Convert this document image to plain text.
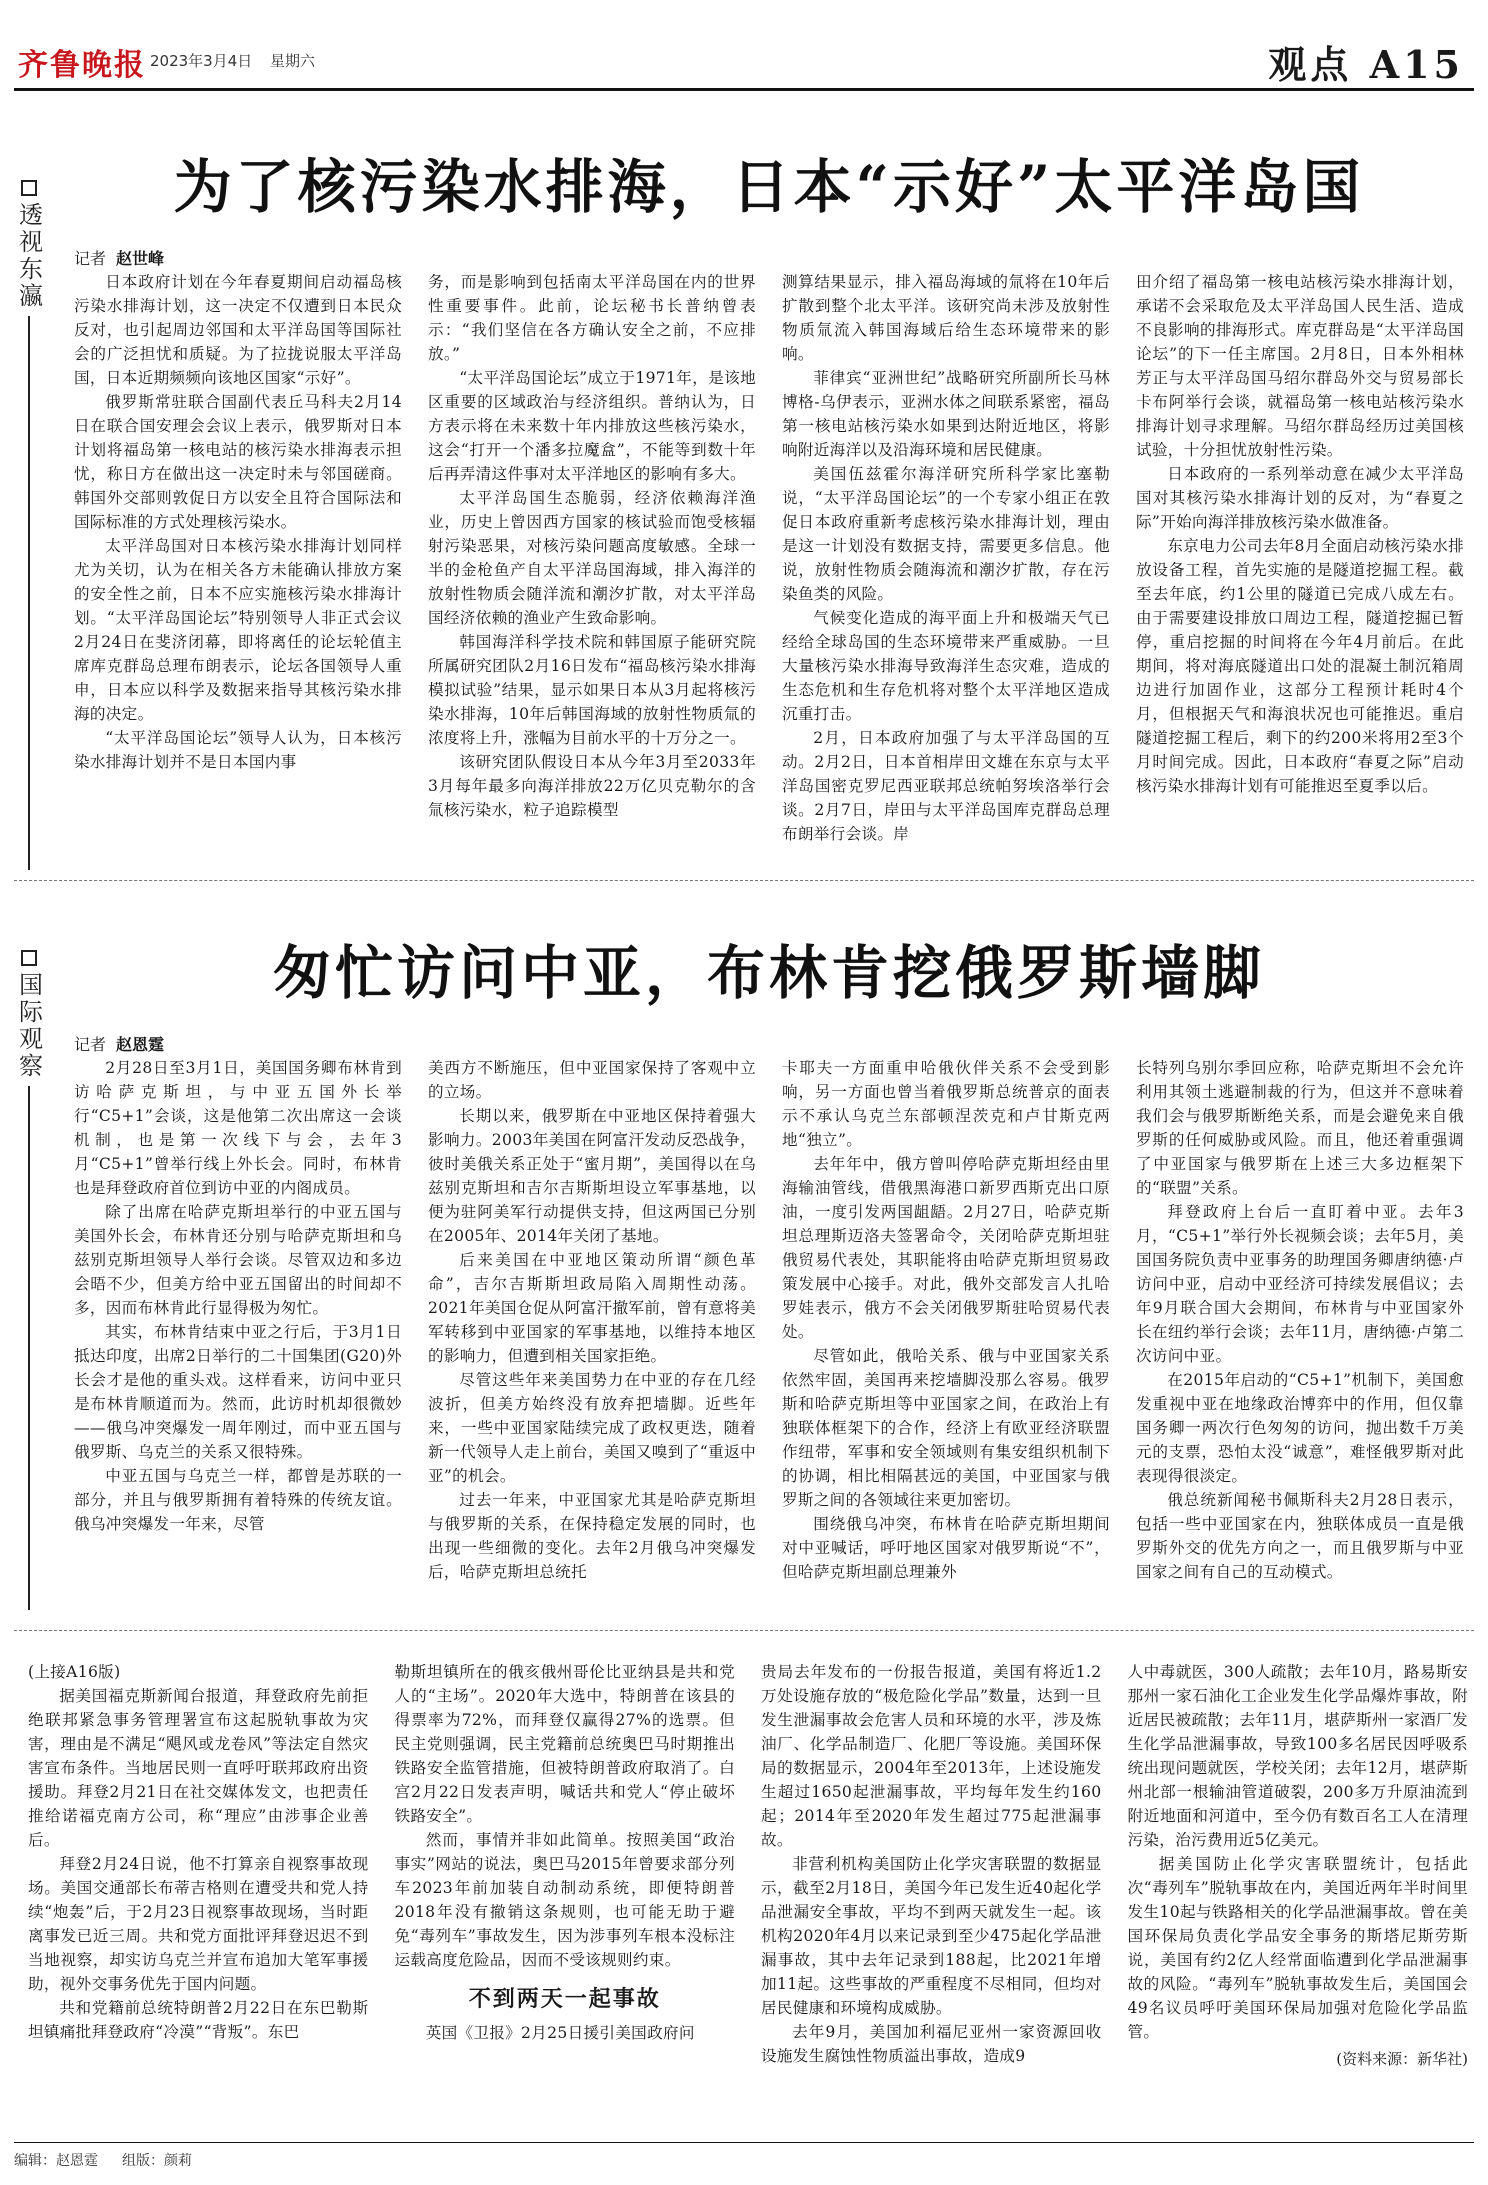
齐鲁晚报 2023年3月4日 星期六	观点 A15
透视东瀛
为了核污染水排海，日本“示好”太平洋岛国
记者 赵世峰

日本政府计划在今年春夏期间启动福岛核污染水排海计划，这一决定不仅遭到日本民众反对，也引起周边邻国和太平洋岛国等国际社会的广泛担忧和质疑。为了拉拢说服太平洋岛国，日本近期频频向该地区国家“示好”。

俄罗斯常驻联合国副代表丘马科夫2月14日在联合国安理会会议上表示，俄罗斯对日本计划将福岛第一核电站的核污染水排海表示担忧，称日方在做出这一决定时未与邻国磋商。韩国外交部则敦促日方以安全且符合国际法和国际标准的方式处理核污染水。

太平洋岛国对日本核污染水排海计划同样尤为关切，认为在相关各方未能确认排放方案的安全性之前，日本不应实施核污染水排海计划。“太平洋岛国论坛”特别领导人非正式会议2月24日在斐济闭幕，即将离任的论坛轮值主席库克群岛总理布朗表示，论坛各国领导人重申，日本应以科学及数据来指导其核污染水排海的决定。

“太平洋岛国论坛”领导人认为，日本核污染水排海计划并不是日本国内事

务，而是影响到包括南太平洋岛国在内的世界性重要事件。此前，论坛秘书长普纳曾表示：“我们坚信在各方确认安全之前，不应排放。”

“太平洋岛国论坛”成立于1971年，是该地区重要的区域政治与经济组织。普纳认为，日方表示将在未来数十年内排放这些核污染水，这会“打开一个潘多拉魔盒”，不能等到数十年后再弄清这件事对太平洋地区的影响有多大。

太平洋岛国生态脆弱，经济依赖海洋渔业，历史上曾因西方国家的核试验而饱受核辐射污染恶果，对核污染问题高度敏感。全球一半的金枪鱼产自太平洋岛国海域，排入海洋的放射性物质会随洋流和潮汐扩散，对太平洋岛国经济依赖的渔业产生致命影响。

韩国海洋科学技术院和韩国原子能研究院所属研究团队2月16日发布“福岛核污染水排海模拟试验”结果，显示如果日本从3月起将核污染水排海，10年后韩国海域的放射性物质氚的浓度将上升，涨幅为目前水平的十万分之一。

该研究团队假设日本从今年3月至2033年3月每年最多向海洋排放22万亿贝克勒尔的含氚核污染水，粒子追踪模型

测算结果显示，排入福岛海域的氚将在10年后扩散到整个北太平洋。该研究尚未涉及放射性物质氚流入韩国海域后给生态环境带来的影响。

菲律宾“亚洲世纪”战略研究所副所长马林博格-乌伊表示，亚洲水体之间联系紧密，福岛第一核电站核污染水如果到达附近地区，将影响附近海洋以及沿海环境和居民健康。

美国伍兹霍尔海洋研究所科学家比塞勒说，“太平洋岛国论坛”的一个专家小组正在敦促日本政府重新考虑核污染水排海计划，理由是这一计划没有数据支持，需要更多信息。他说，放射性物质会随海流和潮汐扩散，存在污染鱼类的风险。

气候变化造成的海平面上升和极端天气已经给全球岛国的生态环境带来严重威胁。一旦大量核污染水排海导致海洋生态灾难，造成的生态危机和生存危机将对整个太平洋地区造成沉重打击。

2月，日本政府加强了与太平洋岛国的互动。2月2日，日本首相岸田文雄在东京与太平洋岛国密克罗尼西亚联邦总统帕努埃洛举行会谈。2月7日，岸田与太平洋岛国库克群岛总理布朗举行会谈。岸

田介绍了福岛第一核电站核污染水排海计划，承诺不会采取危及太平洋岛国人民生活、造成不良影响的排海形式。库克群岛是“太平洋岛国论坛”的下一任主席国。2月8日，日本外相林芳正与太平洋岛国马绍尔群岛外交与贸易部长卡布阿举行会谈，就福岛第一核电站核污染水排海计划寻求理解。马绍尔群岛经历过美国核试验，十分担忧放射性污染。

日本政府的一系列举动意在减少太平洋岛国对其核污染水排海计划的反对，为“春夏之际”开始向海洋排放核污染水做准备。

东京电力公司去年8月全面启动核污染水排放设备工程，首先实施的是隧道挖掘工程。截至去年底，约1公里的隧道已完成八成左右。由于需要建设排放口周边工程，隧道挖掘已暂停，重启挖掘的时间将在今年4月前后。在此期间，将对海底隧道出口处的混凝土制沉箱周边进行加固作业，这部分工程预计耗时4个月，但根据天气和海浪状况也可能推迟。重启隧道挖掘工程后，剩下的约200米将用2至3个月时间完成。因此，日本政府“春夏之际”启动核污染水排海计划有可能推迟至夏季以后。

国际观察	匆忙访问中亚，布林肯挖俄罗斯墙脚
记者 赵恩霆

2月28日至3月1日，美国国务卿布林肯到访哈萨克斯坦，与中亚五国外长举行“C5+1”会谈，这是他第二次出席这一会谈机制，也是第一次线下与会，去年3月“C5+1”曾举行线上外长会。同时，布林肯也是拜登政府首位到访中亚的内阁成员。

除了出席在哈萨克斯坦举行的中亚五国与美国外长会，布林肯还分别与哈萨克斯坦和乌兹别克斯坦领导人举行会谈。尽管双边和多边会晤不少，但美方给中亚五国留出的时间却不多，因而布林肯此行显得极为匆忙。

其实，布林肯结束中亚之行后，于3月1日抵达印度，出席2日举行的二十国集团(G20)外长会才是他的重头戏。这样看来，访问中亚只是布林肯顺道而为。然而，此访时机却很微妙——俄乌冲突爆发一周年刚过，而中亚五国与俄罗斯、乌克兰的关系又很特殊。

中亚五国与乌克兰一样，都曾是苏联的一部分，并且与俄罗斯拥有着特殊的传统友谊。俄乌冲突爆发一年来，尽管

美西方不断施压，但中亚国家保持了客观中立的立场。

长期以来，俄罗斯在中亚地区保持着强大影响力。2003年美国在阿富汗发动反恐战争，彼时美俄关系正处于“蜜月期”，美国得以在乌兹别克斯坦和吉尔吉斯斯坦设立军事基地，以便为驻阿美军行动提供支持，但这两国已分别在2005年、2014年关闭了基地。

后来美国在中亚地区策动所谓“颜色革命”，吉尔吉斯斯坦政局陷入周期性动荡。2021年美国仓促从阿富汗撤军前，曾有意将美军转移到中亚国家的军事基地，以维持本地区的影响力，但遭到相关国家拒绝。

尽管这些年来美国势力在中亚的存在几经波折，但美方始终没有放弃把墙脚。近些年来，一些中亚国家陆续完成了政权更迭，随着新一代领导人走上前台，美国又嗅到了“重返中亚”的机会。

过去一年来，中亚国家尤其是哈萨克斯坦与俄罗斯的关系，在保持稳定发展的同时，也出现一些细微的变化。去年2月俄乌冲突爆发后，哈萨克斯坦总统托

卡耶夫一方面重申哈俄伙伴关系不会受到影响，另一方面也曾当着俄罗斯总统普京的面表示不承认乌克兰东部顿涅茨克和卢甘斯克两地“独立”。

去年年中，俄方曾叫停哈萨克斯坦经由里海输油管线，借俄黑海港口新罗西斯克出口原油，一度引发两国龃龉。2月27日，哈萨克斯坦总理斯迈洛夫签署命令，关闭哈萨克斯坦驻俄贸易代表处，其职能将由哈萨克斯坦贸易政策发展中心接手。对此，俄外交部发言人扎哈罗娃表示，俄方不会关闭俄罗斯驻哈贸易代表处。

尽管如此，俄哈关系、俄与中亚国家关系依然牢固，美国再来挖墙脚没那么容易。俄罗斯和哈萨克斯坦等中亚国家之间，在政治上有独联体框架下的合作，经济上有欧亚经济联盟作纽带，军事和安全领域则有集安组织机制下的协调，相比相隔甚远的美国，中亚国家与俄罗斯之间的各领域往来更加密切。

围绕俄乌冲突，布林肯在哈萨克斯坦期间对中亚喊话，呼吁地区国家对俄罗斯说“不”，但哈萨克斯坦副总理兼外

长特列乌别尔季回应称，哈萨克斯坦不会允许利用其领土逃避制裁的行为，但这并不意味着我们会与俄罗斯断绝关系，而是会避免来自俄罗斯的任何威胁或风险。而且，他还着重强调了中亚国家与俄罗斯在上述三大多边框架下的“联盟”关系。

拜登政府上台后一直盯着中亚。去年3月，“C5+1”举行外长视频会谈；去年5月，美国国务院负责中亚事务的助理国务卿唐纳德·卢访问中亚，启动中亚经济可持续发展倡议；去年9月联合国大会期间，布林肯与中亚国家外长在纽约举行会谈；去年11月，唐纳德·卢第二次访问中亚。

在2015年启动的“C5+1”机制下，美国愈发重视中亚在地缘政治博弈中的作用，但仅靠国务卿一两次行色匆匆的访问，抛出数千万美元的支票，恐怕太没“诚意”，难怪俄罗斯对此表现得很淡定。

俄总统新闻秘书佩斯科夫2月28日表示，包括一些中亚国家在内，独联体成员一直是俄罗斯外交的优先方向之一，而且俄罗斯与中亚国家之间有自己的互动模式。

(上接A16版)

据美国福克斯新闻台报道，拜登政府先前拒绝联邦紧急事务管理署宣布这起脱轨事故为灾害，理由是不满足“飓风或龙卷风”等法定自然灾害宣布条件。当地居民则一直呼吁联邦政府出资援助。拜登2月21日在社交媒体发文，也把责任推给诺福克南方公司，称“理应”由涉事企业善后。

拜登2月24日说，他不打算亲自视察事故现场。美国交通部长布蒂吉格则在遭受共和党人持续“炮轰”后，于2月23日视察事故现场，当时距离事发已近三周。共和党方面批评拜登迟迟不到当地视察，却实访乌克兰并宣布追加大笔军事援助，视外交事务优先于国内问题。

共和党籍前总统特朗普2月22日在东巴勒斯坦镇痛批拜登政府“冷漠”“背叛”。东巴

勒斯坦镇所在的俄亥俄州哥伦比亚纳县是共和党人的“主场”。2020年大选中，特朗普在该县的得票率为72%，而拜登仅赢得27%的选票。但民主党则强调，民主党籍前总统奥巴马时期推出铁路安全监管措施，但被特朗普政府取消了。白宫2月22日发表声明，喊话共和党人“停止破坏铁路安全”。

然而，事情并非如此简单。按照美国“政治事实”网站的说法，奥巴马2015年曾要求部分列车2023年前加装自动制动系统，即便特朗普2018年没有撤销这条规则，也可能无助于避免“毒列车”事故发生，因为涉事列车根本没标注运载高度危险品，因而不受该规则约束。

不到两天一起事故

英国《卫报》2月25日援引美国政府问

贵局去年发布的一份报告报道，美国有将近1.2万处设施存放的“极危险化学品”数量，达到一旦发生泄漏事故会危害人员和环境的水平，涉及炼油厂、化学品制造厂、化肥厂等设施。美国环保局的数据显示，2004年至2013年，上述设施发生超过1650起泄漏事故，平均每年发生约160起；2014年至2020年发生超过775起泄漏事故。

非营利机构美国防止化学灾害联盟的数据显示，截至2月18日，美国今年已发生近40起化学品泄漏安全事故，平均不到两天就发生一起。该机构2020年4月以来记录到至少475起化学品泄漏事故，其中去年记录到188起，比2021年增加11起。这些事故的严重程度不尽相同，但均对居民健康和环境构成威胁。

去年9月，美国加利福尼亚州一家资源回收设施发生腐蚀性物质溢出事故，造成9

人中毒就医，300人疏散；去年10月，路易斯安那州一家石油化工企业发生化学品爆炸事故，附近居民被疏散；去年11月，堪萨斯州一家酒厂发生化学品泄漏事故，导致100多名居民因呼吸系统出现问题就医，学校关闭；去年12月，堪萨斯州北部一根输油管道破裂，200多万升原油流到附近地面和河道中，至今仍有数百名工人在清理污染，治污费用近5亿美元。

据美国防止化学灾害联盟统计，包括此次“毒列车”脱轨事故在内，美国近两年半时间里发生10起与铁路相关的化学品泄漏事故。曾在美国环保局负责化学品安全事务的斯塔尼斯劳斯说，美国有约2亿人经常面临遭到化学品泄漏事故的风险。“毒列车”脱轨事故发生后，美国国会49名议员呼吁美国环保局加强对危险化学品监管。

(资料来源：新华社)
编辑：赵恩霆 组版：颜莉
